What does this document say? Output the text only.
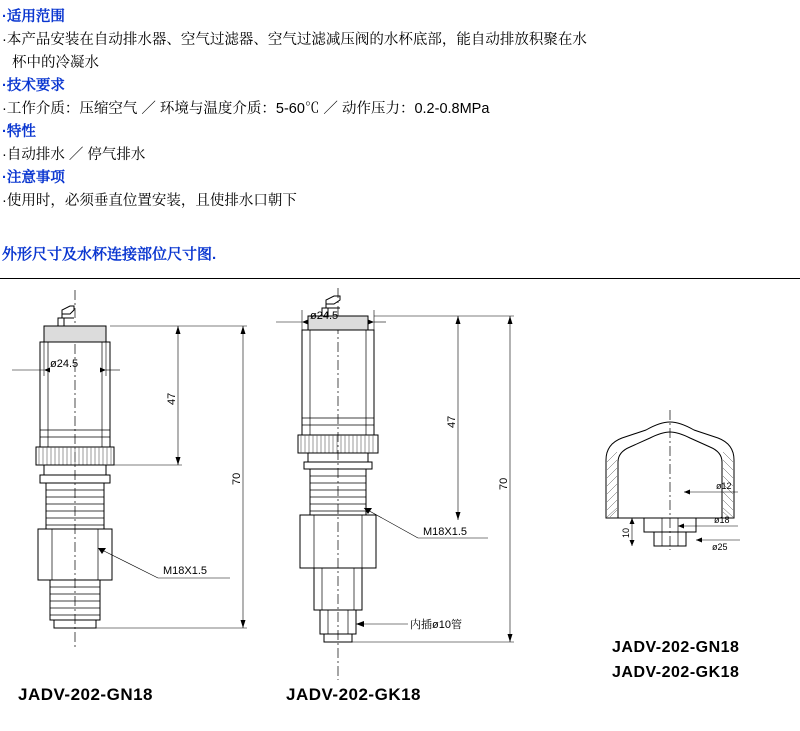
·适用范围
·本产品安装在自动排水器、空气过滤器、空气过滤减压阀的水杯底部，能自动排放积聚在水
杯中的冷凝水
·技术要求
·工作介质：压缩空气 ／ 环境与温度介质：5-60℃ ／ 动作压力：0.2-0.8MPa
·特性
·自动排水 ／ 停气排水
·注意事项
·使用时，必须垂直位置安装，且使排水口朝下
外形尺寸及水杯连接部位尺寸图.
ø24.5
47
70
M18X1.5
JADV-202-GN18
ø24.5
47
70
M18X1.5
内插ø10管
JADV-202-GK18
ø12
ø18
ø25
10
JADV-202-GN18
JADV-202-GK18
